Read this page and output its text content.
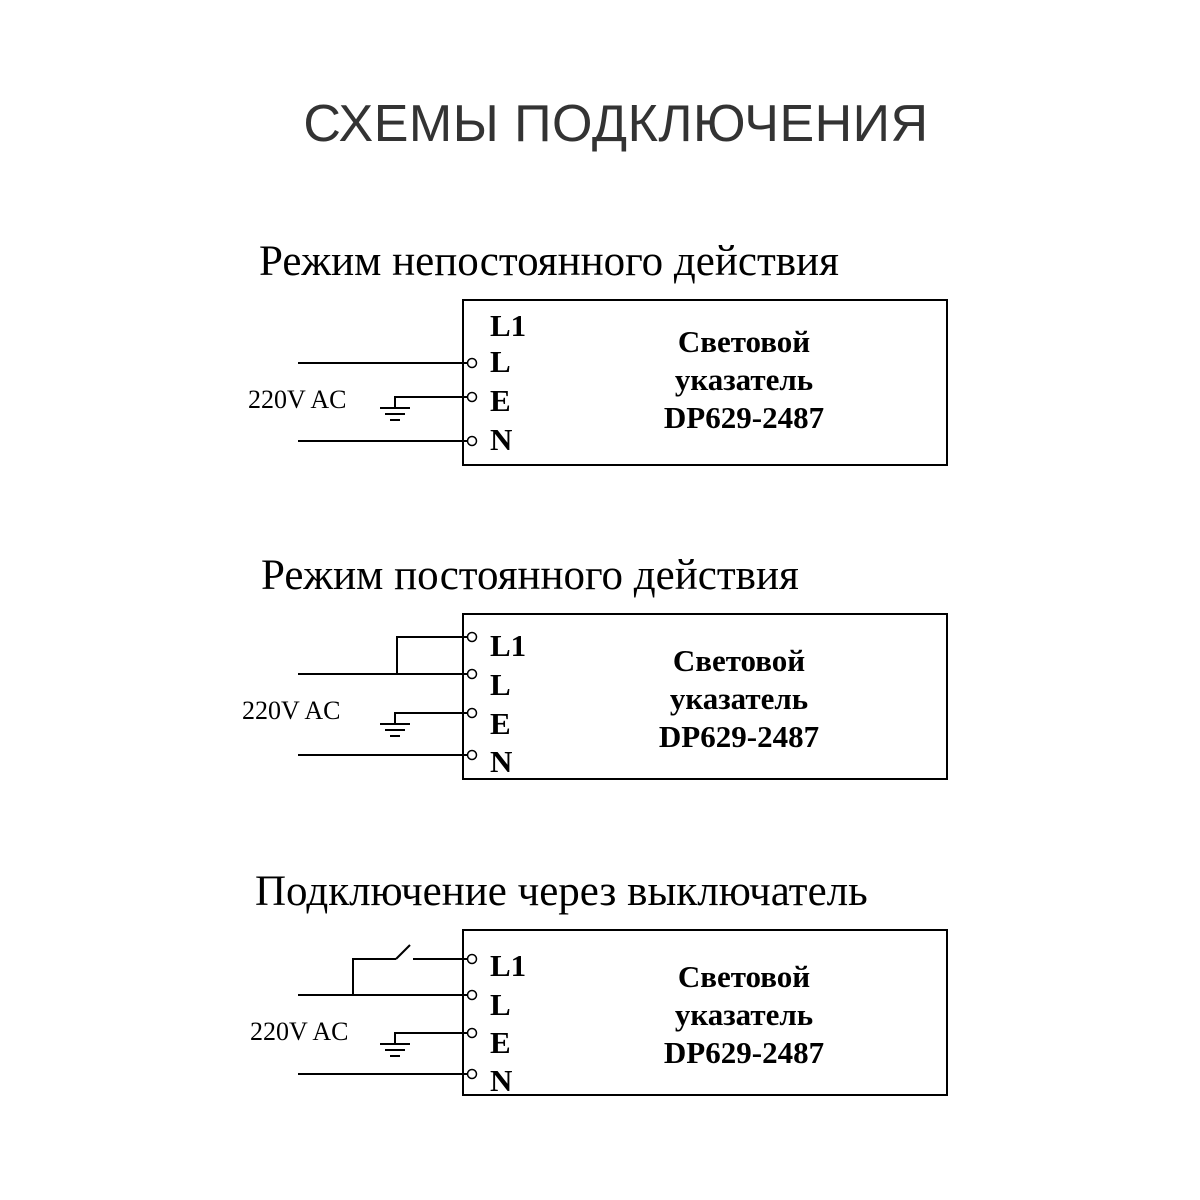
СХЕМЫ ПОДКЛЮЧЕНИЯ
Режим непостоянного действия
220V AC
L1
L
E
N
Световой
указатель
DP629-2487
Режим постоянного действия
220V AC
L1
L
E
N
Световой
указатель
DP629-2487
Подключение через выключатель
220V AC
L1
L
E
N
Световой
указатель
DP629-2487
